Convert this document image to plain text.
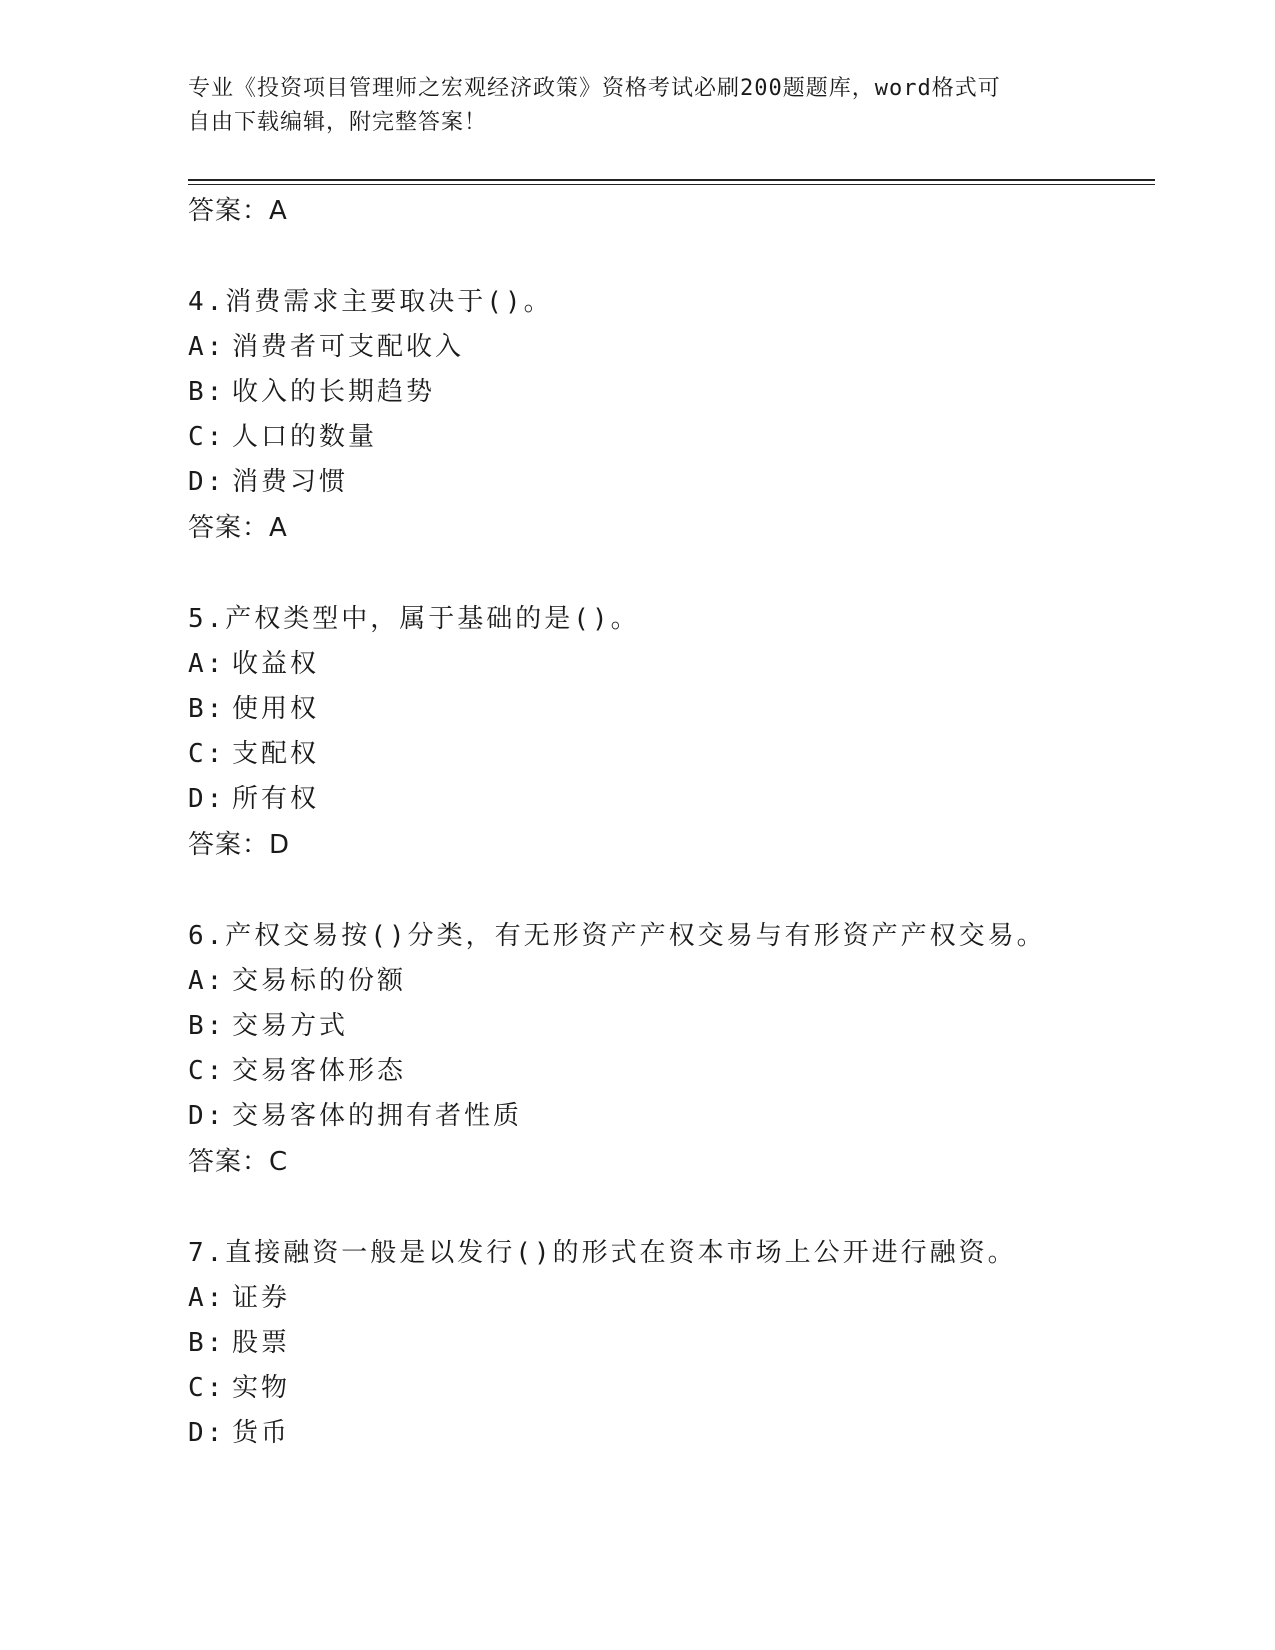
专业《投资项目管理师之宏观经济政策》资格考试必刷200题题库，word格式可
自由下载编辑，附完整答案！
答案：A
4.消费需求主要取决于()。
A: 消费者可支配收入
B: 收入的长期趋势
C: 人口的数量
D: 消费习惯
答案：A
5.产权类型中，属于基础的是()。
A: 收益权
B: 使用权
C: 支配权
D: 所有权
答案：D
6.产权交易按()分类，有无形资产产权交易与有形资产产权交易。
A: 交易标的份额
B: 交易方式
C: 交易客体形态
D: 交易客体的拥有者性质
答案：C
7.直接融资一般是以发行()的形式在资本市场上公开进行融资。
A: 证券
B: 股票
C: 实物
D: 货币
